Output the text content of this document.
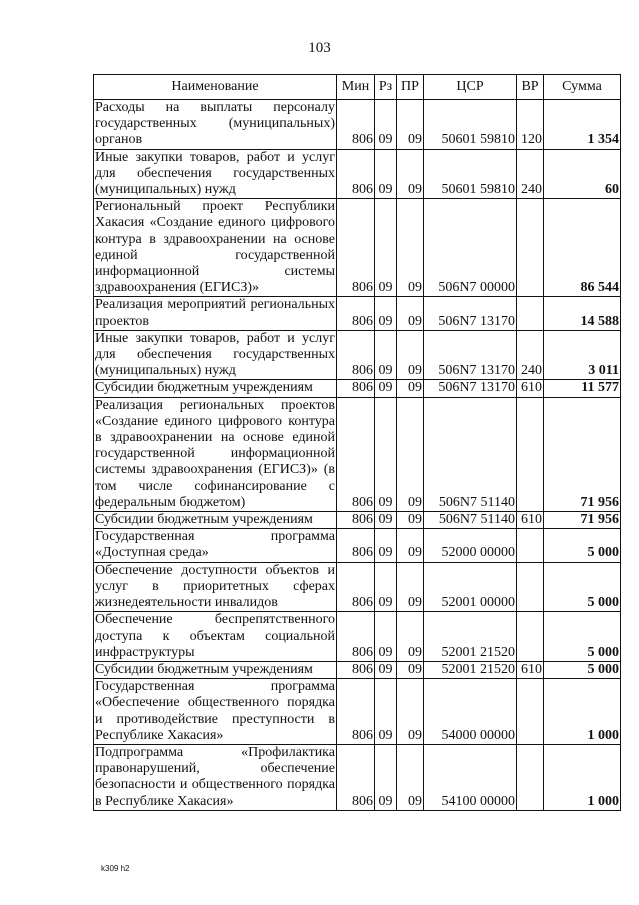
103
Наименование	Мин	Рз	ПР	ЦСР	ВР	Сумма
Расходы на выплаты персоналу государственных (муниципальных) органов	806	09	09	50601 59810	120	1 354
Иные закупки товаров, работ и услуг для обеспечения государственных (муниципальных) нужд	806	09	09	50601 59810	240	60
Региональный проект Республики Хакасия «Создание единого цифрового контура в здравоохранении на основе единой государственной информационной системы здравоохранения (ЕГИСЗ)»	806	09	09	506N7 00000		86 544
Реализация мероприятий региональных проектов	806	09	09	506N7 13170		14 588
Иные закупки товаров, работ и услуг для обеспечения государственных (муниципальных) нужд	806	09	09	506N7 13170	240	3 011
Субсидии бюджетным учреждениям	806	09	09	506N7 13170	610	11 577
Реализация региональных проектов «Создание единого цифрового контура в здравоохранении на основе единой государственной информационной системы здравоохранения (ЕГИСЗ)» (в том числе софинансирование с федеральным бюджетом)	806	09	09	506N7 51140		71 956
Субсидии бюджетным учреждениям	806	09	09	506N7 51140	610	71 956
Государственная программа «Доступная среда»	806	09	09	52000 00000		5 000
Обеспечение доступности объектов и услуг в приоритетных сферах жизнедеятельности инвалидов	806	09	09	52001 00000		5 000
Обеспечение беспрепятственного доступа к объектам социальной инфраструктуры	806	09	09	52001 21520		5 000
Субсидии бюджетным учреждениям	806	09	09	52001 21520	610	5 000
Государственная программа «Обеспечение общественного порядка и противодействие преступности в Республике Хакасия»	806	09	09	54000 00000		1 000
Подпрограмма «Профилактика правонарушений, обеспечение безопасности и общественного порядка в Республике Хакасия»	806	09	09	54100 00000		1 000
k309 h2
